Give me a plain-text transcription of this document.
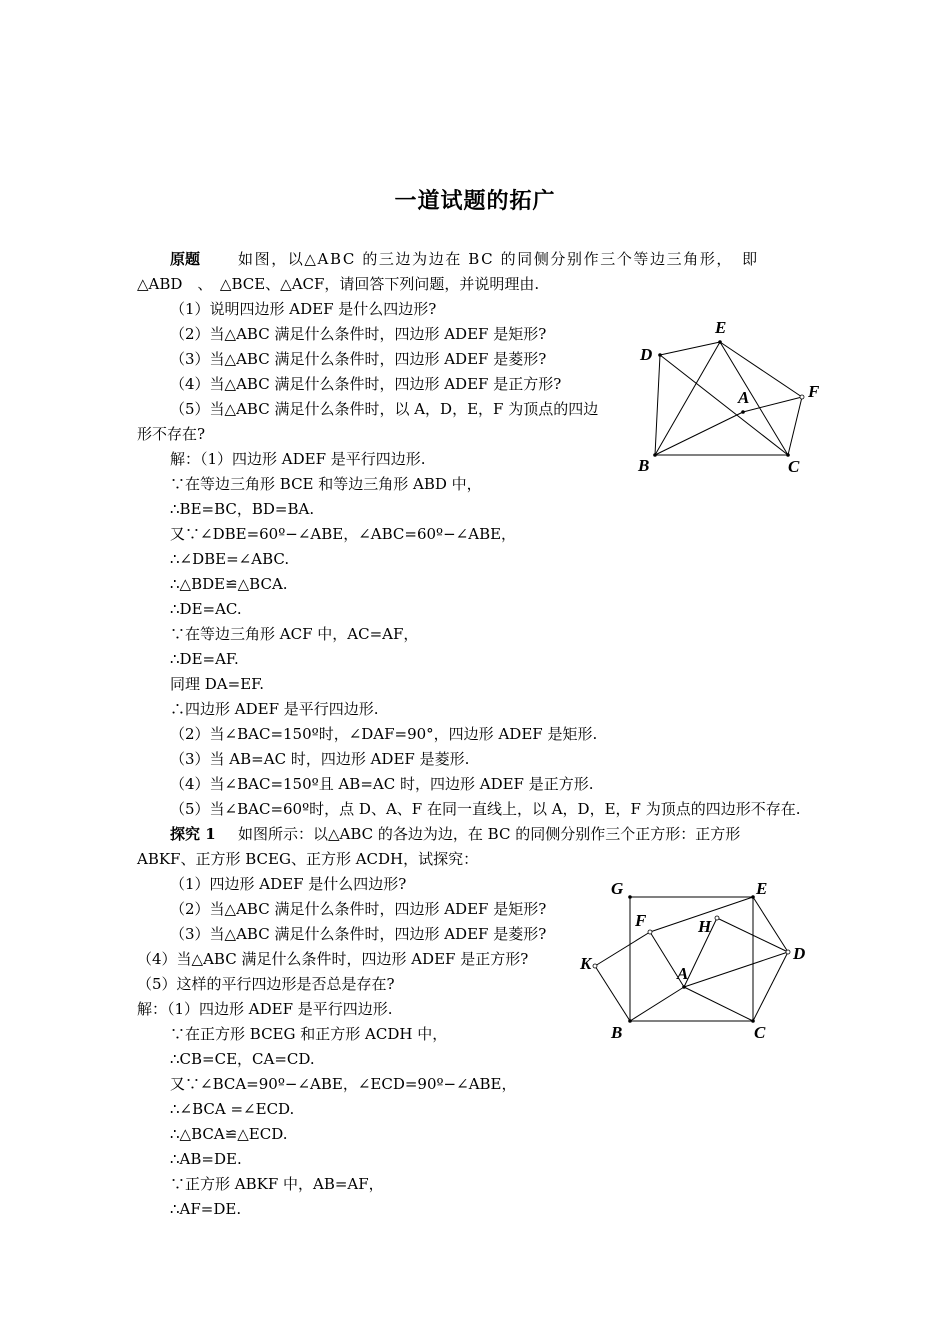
一道试题的拓广
原题	如图，以△ABC 的三边为边在 BC 的同侧分别作三个等边三角形，　即
△ABD　、　△BCE、△ACF，请回答下列问题，并说明理由.
（1）说明四边形 ADEF 是什么四边形?
（2）当△ABC 满足什么条件时，四边形 ADEF 是矩形?
（3）当△ABC 满足什么条件时，四边形 ADEF 是菱形?
（4）当△ABC 满足什么条件时，四边形 ADEF 是正方形?
（5）当△ABC 满足什么条件时，以 A，D，E，F 为顶点的四边
形不存在?
解：（1）四边形 ADEF 是平行四边形.
∵在等边三角形 BCE 和等边三角形 ABD 中，
∴BE=BC，BD=BA.
又∵∠DBE=60º−∠ABE，∠ABC=60º−∠ABE，
∴∠DBE=∠ABC.
∴△BDE≌△BCA.
∴DE=AC.
∵在等边三角形 ACF 中，AC=AF，
∴DE=AF.
同理 DA=EF.
∴四边形 ADEF 是平行四边形.
（2）当∠BAC=150º时，∠DAF=90°，四边形 ADEF 是矩形.
（3）当 AB=AC 时，四边形 ADEF 是菱形.
（4）当∠BAC=150º且 AB=AC 时，四边形 ADEF 是正方形.
（5）当∠BAC=60º时，点 D、A、F 在同一直线上，以 A，D，E，F 为顶点的四边形不存在.
探究 1 如图所示：以△ABC 的各边为边，在 BC 的同侧分别作三个正方形：正方形
ABKF、正方形 BCEG、正方形 ACDH，试探究：
（1）四边形 ADEF 是什么四边形?
（2）当△ABC 满足什么条件时，四边形 ADEF 是矩形?
（3）当△ABC 满足什么条件时，四边形 ADEF 是菱形?
（4）当△ABC 满足什么条件时，四边形 ADEF 是正方形?
（5）这样的平行四边形是否总是存在?
解：（1）四边形 ADEF 是平行四边形.
∵在正方形 BCEG 和正方形 ACDH 中，
∴CB=CE，CA=CD.
又∵∠BCA=90º−∠ABE，∠ECD=90º−∠ABE，
∴∠BCA =∠ECD.
∴△BCA≌△ECD.
∴AB=DE.
∵正方形 ABKF 中，AB=AF，
∴AF=DE.
E
D
F
A
B	C
G	E
F	H
D
K
A
B	C
